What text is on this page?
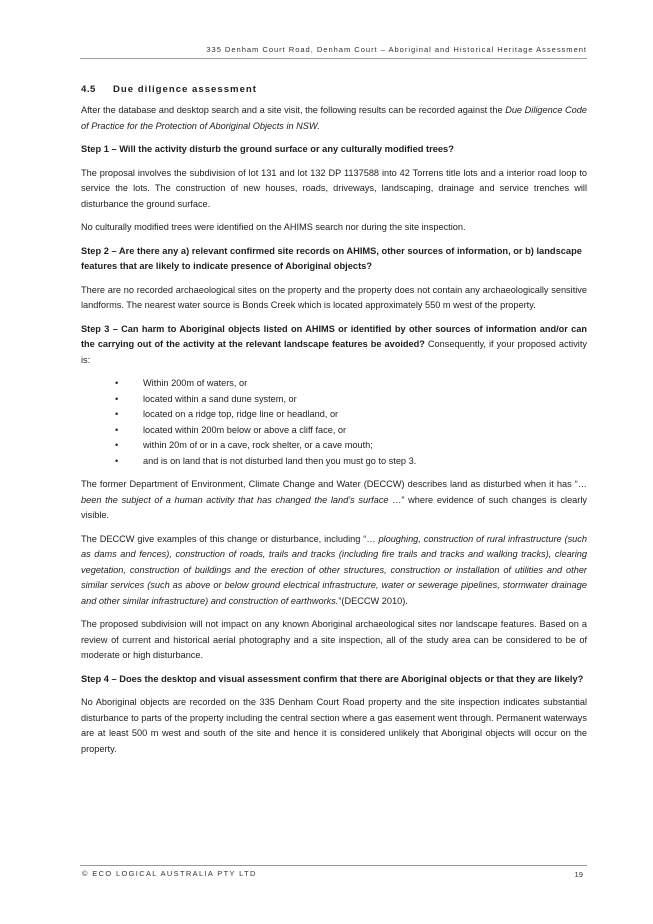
335 Denham Court Road, Denham Court – Aboriginal and Historical Heritage Assessment
4.5 Due diligence assessment

After the database and desktop search and a site visit, the following results can be recorded against the Due Diligence Code of Practice for the Protection of Aboriginal Objects in NSW.

Step 1 – Will the activity disturb the ground surface or any culturally modified trees?

The proposal involves the subdivision of lot 131 and lot 132 DP 1137588 into 42 Torrens title lots and a interior road loop to service the lots. The construction of new houses, roads, driveways, landscaping, drainage and service trenches will disturbance the ground surface.

No culturally modified trees were identified on the AHIMS search nor during the site inspection.

Step 2 – Are there any a) relevant confirmed site records on AHIMS, other sources of information, or b) landscape features that are likely to indicate presence of Aboriginal objects?

There are no recorded archaeological sites on the property and the property does not contain any archaeologically sensitive landforms. The nearest water source is Bonds Creek which is located approximately 550 m west of the property.

Step 3 – Can harm to Aboriginal objects listed on AHIMS or identified by other sources of information and/or can the carrying out of the activity at the relevant landscape features be avoided? Consequently, if your proposed activity is:

•	Within 200m of waters, or
•	located within a sand dune system, or
•	located on a ridge top, ridge line or headland, or
•	located within 200m below or above a cliff face, or
•	within 20m of or in a cave, rock shelter, or a cave mouth;
•	and is on land that is not disturbed land then you must go to step 3.

The former Department of Environment, Climate Change and Water (DECCW) describes land as disturbed when it has “… been the subject of a human activity that has changed the land’s surface …” where evidence of such changes is clearly visible.

The DECCW give examples of this change or disturbance, including “… ploughing, construction of rural infrastructure (such as dams and fences), construction of roads, trails and tracks (including fire trails and tracks and walking tracks), clearing vegetation, construction of buildings and the erection of other structures, construction or installation of utilities and other similar services (such as above or below ground electrical infrastructure, water or sewerage pipelines, stormwater drainage and other similar infrastructure) and construction of earthworks.”(DECCW 2010).

The proposed subdivision will not impact on any known Aboriginal archaeological sites nor landscape features. Based on a review of current and historical aerial photography and a site inspection, all of the study area can be considered to be of moderate or high disturbance.

Step 4 – Does the desktop and visual assessment confirm that there are Aboriginal objects or that they are likely?

No Aboriginal objects are recorded on the 335 Denham Court Road property and the site inspection indicates substantial disturbance to parts of the property including the central section where a gas easement went through. Permanent waterways are at least 500 m west and south of the site and hence it is considered unlikely that Aboriginal objects will occur on the property.

© ECO LOGICAL AUSTRALIA PTY LTD	19
